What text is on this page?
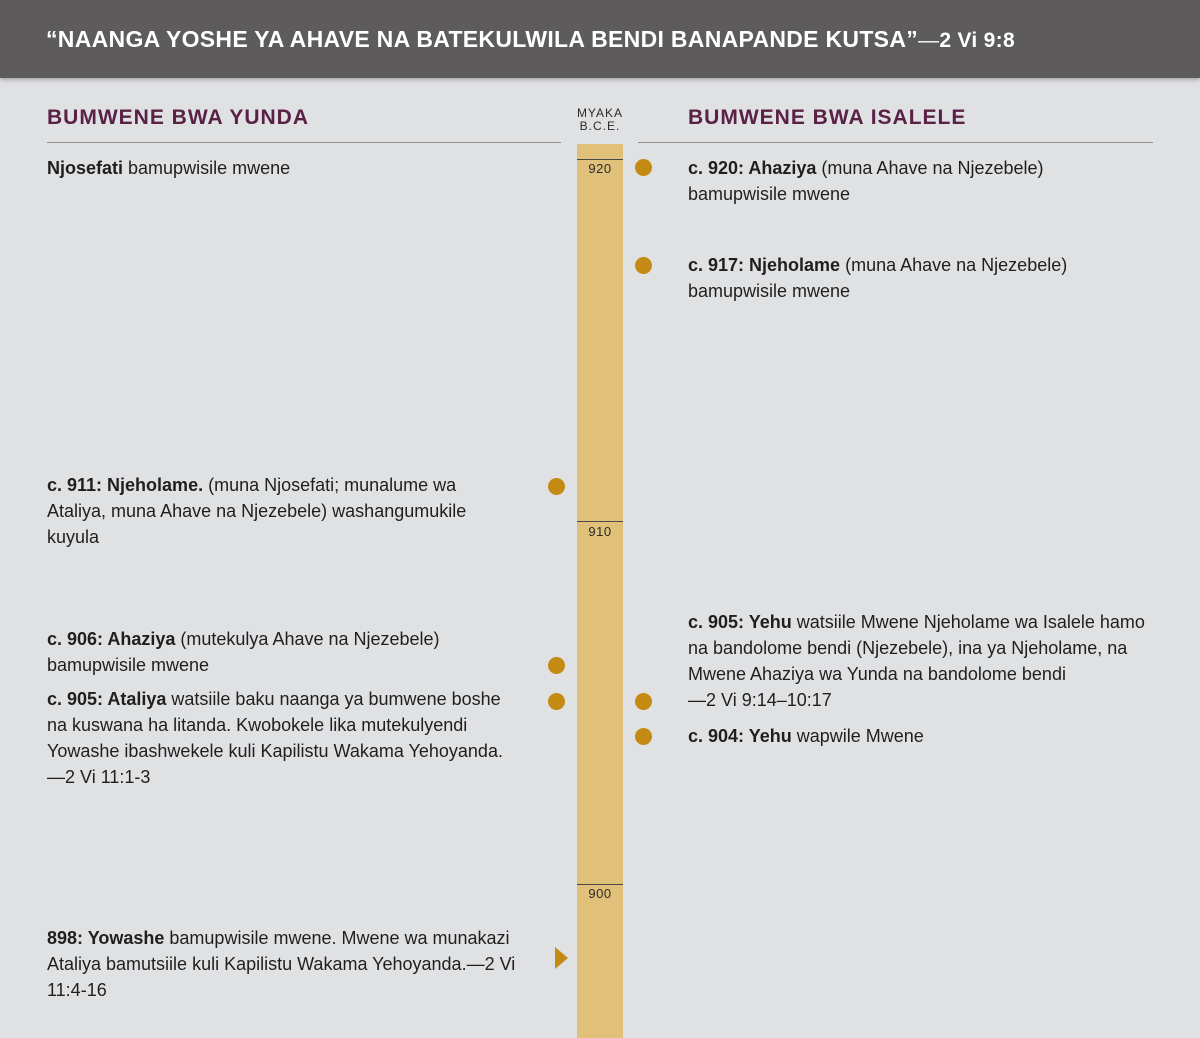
“NAANGA YOSHE YA AHAVE NA BATEKULWILA BENDI BANAPANDE KUTSA”—2 Vi 9:8
BUMWENE BWA YUNDA	MYAKA
B.C.E.	BUMWENE BWA ISALELE
920
910
900
Njosefati bamupwisile mwene
c. 911: Njeholame. (muna Njosefati; munalume wa Ataliya, muna Ahave na Njezebele) washangumukile kuyula
c. 906: Ahaziya (mutekulya Ahave na Njezebele) bamupwisile mwene
c. 905: Ataliya watsiile baku naanga ya bumwene boshe na kuswana ha litanda. Kwobokele lika mutekulyendi Yowashe ibashwekele kuli Kapilistu Wakama Yehoyanda.
—2 Vi 11:1-3
898: Yowashe bamupwisile mwene. Mwene wa munakazi Ataliya bamutsiile kuli Kapilistu Wakama Yehoyanda.—2 Vi 11:4-16
c. 920: Ahaziya (muna Ahave na Njezebele) bamupwisile mwene
c. 917: Njeholame (muna Ahave na Njezebele) bamupwisile mwene
c. 905: Yehu watsiile Mwene Njeholame wa Isalele hamo na bandolome bendi (Njezebele), ina ya Njeholame, na Mwene Ahaziya wa Yunda na bandolome bendi
—2 Vi 9:14–10:17
c. 904: Yehu wapwile Mwene
